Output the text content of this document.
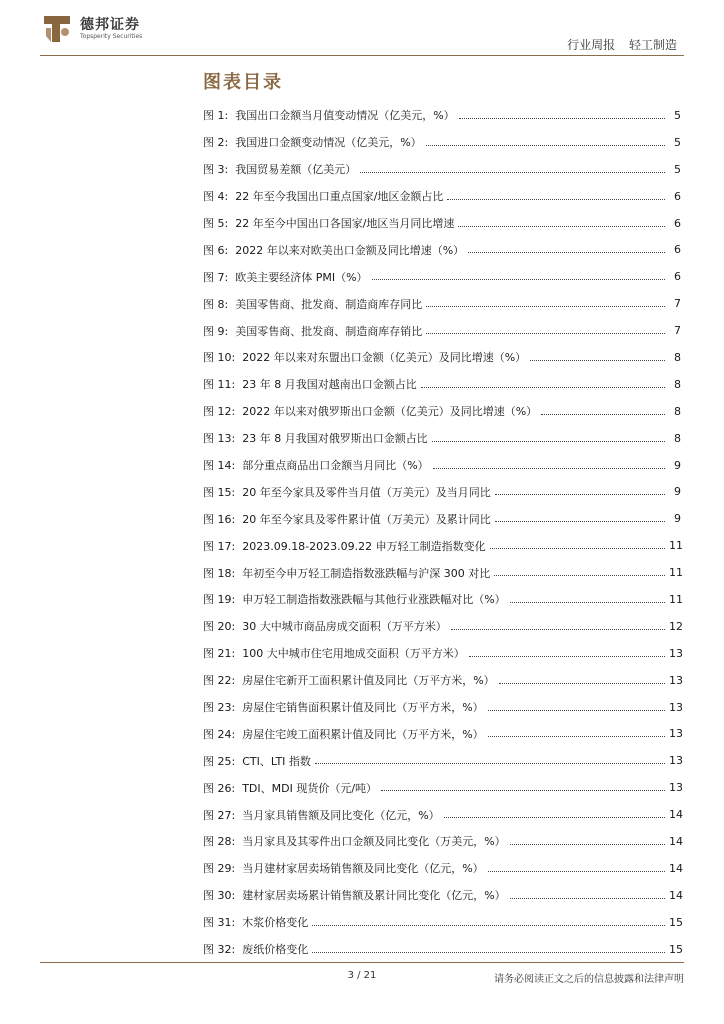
德邦证券
Topsperity Securities
行业周报 轻工制造
图表目录
图 1: 我国出口金额当月值变动情况（亿美元，%）	5
图 2: 我国进口金额变动情况（亿美元，%）	5
图 3: 我国贸易差额（亿美元）	5
图 4: 22 年至今我国出口重点国家/地区金额占比	6
图 5: 22 年至今中国出口各国家/地区当月同比增速	6
图 6: 2022 年以来对欧美出口金额及同比增速（%）	6
图 7: 欧美主要经济体 PMI（%）	6
图 8: 美国零售商、批发商、制造商库存同比	7
图 9: 美国零售商、批发商、制造商库存销比	7
图 10: 2022 年以来对东盟出口金额（亿美元）及同比增速（%）	8
图 11: 23 年 8 月我国对越南出口金额占比	8
图 12: 2022 年以来对俄罗斯出口金额（亿美元）及同比增速（%）	8
图 13: 23 年 8 月我国对俄罗斯出口金额占比	8
图 14: 部分重点商品出口金额当月同比（%）	9
图 15: 20 年至今家具及零件当月值（万美元）及当月同比	9
图 16: 20 年至今家具及零件累计值（万美元）及累计同比	9
图 17: 2023.09.18-2023.09.22 申万轻工制造指数变化	11
图 18: 年初至今申万轻工制造指数涨跌幅与沪深 300 对比	11
图 19: 申万轻工制造指数涨跌幅与其他行业涨跌幅对比（%）	11
图 20: 30 大中城市商品房成交面积（万平方米）	12
图 21: 100 大中城市住宅用地成交面积（万平方米）	13
图 22: 房屋住宅新开工面积累计值及同比（万平方米，%）	13
图 23: 房屋住宅销售面积累计值及同比（万平方米，%）	13
图 24: 房屋住宅竣工面积累计值及同比（万平方米，%）	13
图 25: CTI、LTI 指数	13
图 26: TDI、MDI 现货价（元/吨）	13
图 27: 当月家具销售额及同比变化（亿元，%）	14
图 28: 当月家具及其零件出口金额及同比变化（万美元，%）	14
图 29: 当月建材家居卖场销售额及同比变化（亿元，%）	14
图 30: 建材家居卖场累计销售额及累计同比变化（亿元，%）	14
图 31: 木浆价格变化	15
图 32: 废纸价格变化	15
3 / 21	请务必阅读正文之后的信息披露和法律声明
